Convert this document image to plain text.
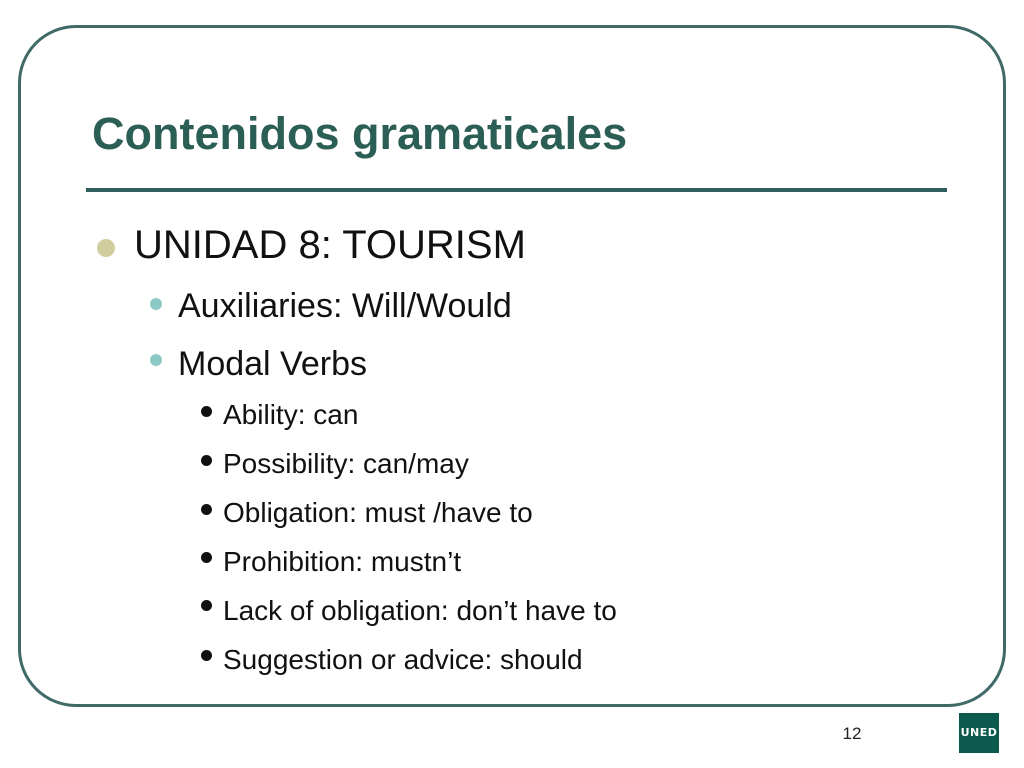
Contenidos gramaticales
UNIDAD 8: TOURISM
Auxiliaries: Will/Would
Modal Verbs
Ability: can
Possibility: can/may
Obligation: must /have to
Prohibition: mustn’t
Lack of obligation: don’t have to
Suggestion or advice: should
12	UNED
